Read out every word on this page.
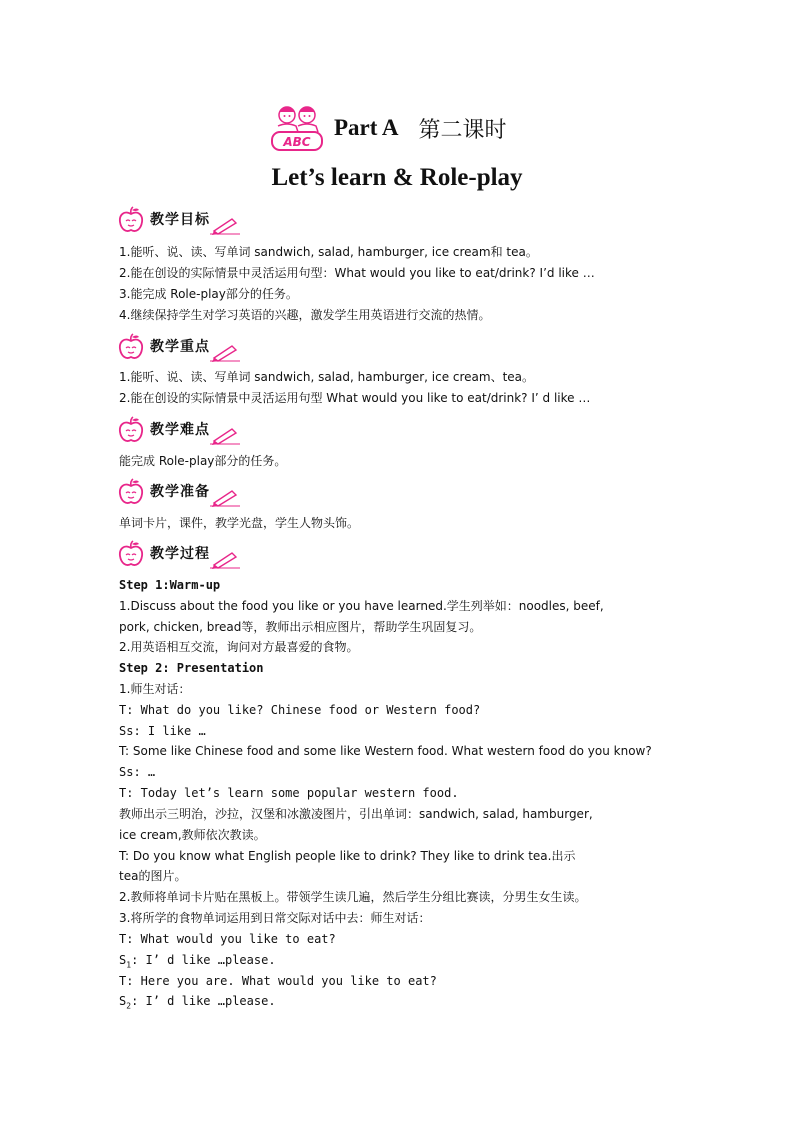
ABC
Part A 第二课时
Let’s learn & Role-play
教学目标
1.能听、说、读、写单词 sandwich, salad, hamburger, ice cream和 tea。
2.能在创设的实际情景中灵活运用句型：What would you like to eat/drink? I’d like …
3.能完成 Role-play部分的任务。
4.继续保持学生对学习英语的兴趣，激发学生用英语进行交流的热情。
教学重点
1.能听、说、读、写单词 sandwich, salad, hamburger, ice cream、tea。
2.能在创设的实际情景中灵活运用句型 What would you like to eat/drink? I’ d like …
教学难点
能完成 Role-play部分的任务。
教学准备
单词卡片，课件，教学光盘，学生人物头饰。
教学过程
Step 1:Warm-up
1.Discuss about the food you like or you have learned.学生列举如：noodles, beef,
pork, chicken, bread等，教师出示相应图片，帮助学生巩固复习。
2.用英语相互交流，询问对方最喜爱的食物。
Step 2: Presentation
1.师生对话：
T: What do you like? Chinese food or Western food?
Ss: I like …
T: Some like Chinese food and some like Western food. What western food do you know?
Ss: …
T: Today let’s learn some popular western food.
教师出示三明治，沙拉，汉堡和冰激凌图片，引出单词：sandwich, salad, hamburger,
ice cream,教师依次教读。
T: Do you know what English people like to drink? They like to drink tea.出示
tea的图片。
2.教师将单词卡片贴在黑板上。带领学生读几遍，然后学生分组比赛读，分男生女生读。
3.将所学的食物单词运用到日常交际对话中去：师生对话：
T: What would you like to eat?
$S_1$: I’ d like …please.
T: Here you are. What would you like to eat?
$S_2$: I’ d like …please.
